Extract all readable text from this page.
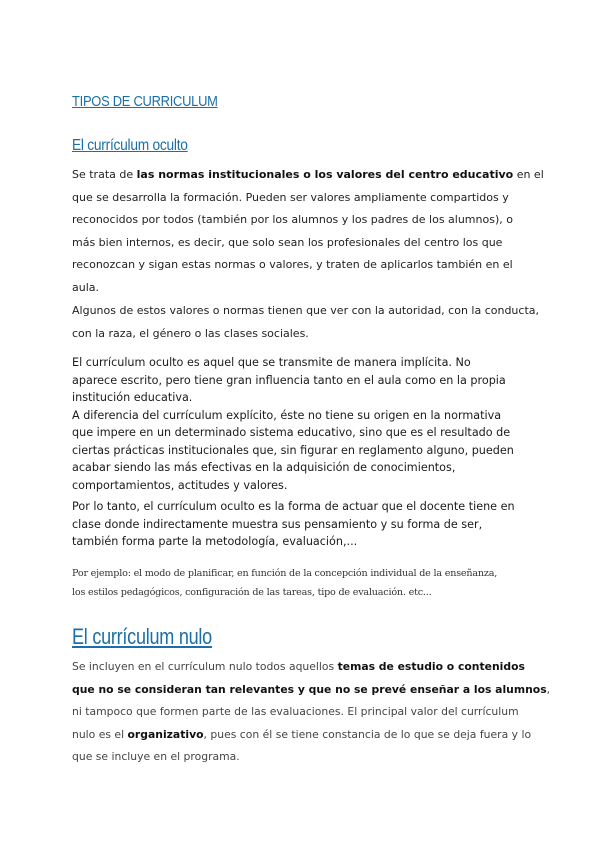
TIPOS DE CURRICULUM
El currículum oculto

Se trata de las normas institucionales o los valores del centro educativo en el
que se desarrolla la formación. Pueden ser valores ampliamente compartidos y
reconocidos por todos (también por los alumnos y los padres de los alumnos), o
más bien internos, es decir, que solo sean los profesionales del centro los que
reconozcan y sigan estas normas o valores, y traten de aplicarlos también en el
aula.

Algunos de estos valores o normas tienen que ver con la autoridad, con la conducta,
con la raza, el género o las clases sociales.

El currículum oculto es aquel que se transmite de manera implícita. No
aparece escrito, pero tiene gran influencia tanto en el aula como en la propia
institución educativa.
A diferencia del currículum explícito, éste no tiene su origen en la normativa
que impere en un determinado sistema educativo, sino que es el resultado de
ciertas prácticas institucionales que, sin figurar en reglamento alguno, pueden
acabar siendo las más efectivas en la adquisición de conocimientos,
comportamientos, actitudes y valores.

Por lo tanto, el currículum oculto es la forma de actuar que el docente tiene en
clase donde indirectamente muestra sus pensamiento y su forma de ser,
también forma parte la metodología, evaluación,...

Por ejemplo: el modo de planificar, en función de la concepción individual de la enseñanza,
los estilos pedagógicos, configuración de las tareas, tipo de evaluación. etc...

El currículum nulo

Se incluyen en el currículum nulo todos aquellos temas de estudio o contenidos
que no se consideran tan relevantes y que no se prevé enseñar a los alumnos,
ni tampoco que formen parte de las evaluaciones. El principal valor del currículum
nulo es el organizativo, pues con él se tiene constancia de lo que se deja fuera y lo
que se incluye en el programa.
